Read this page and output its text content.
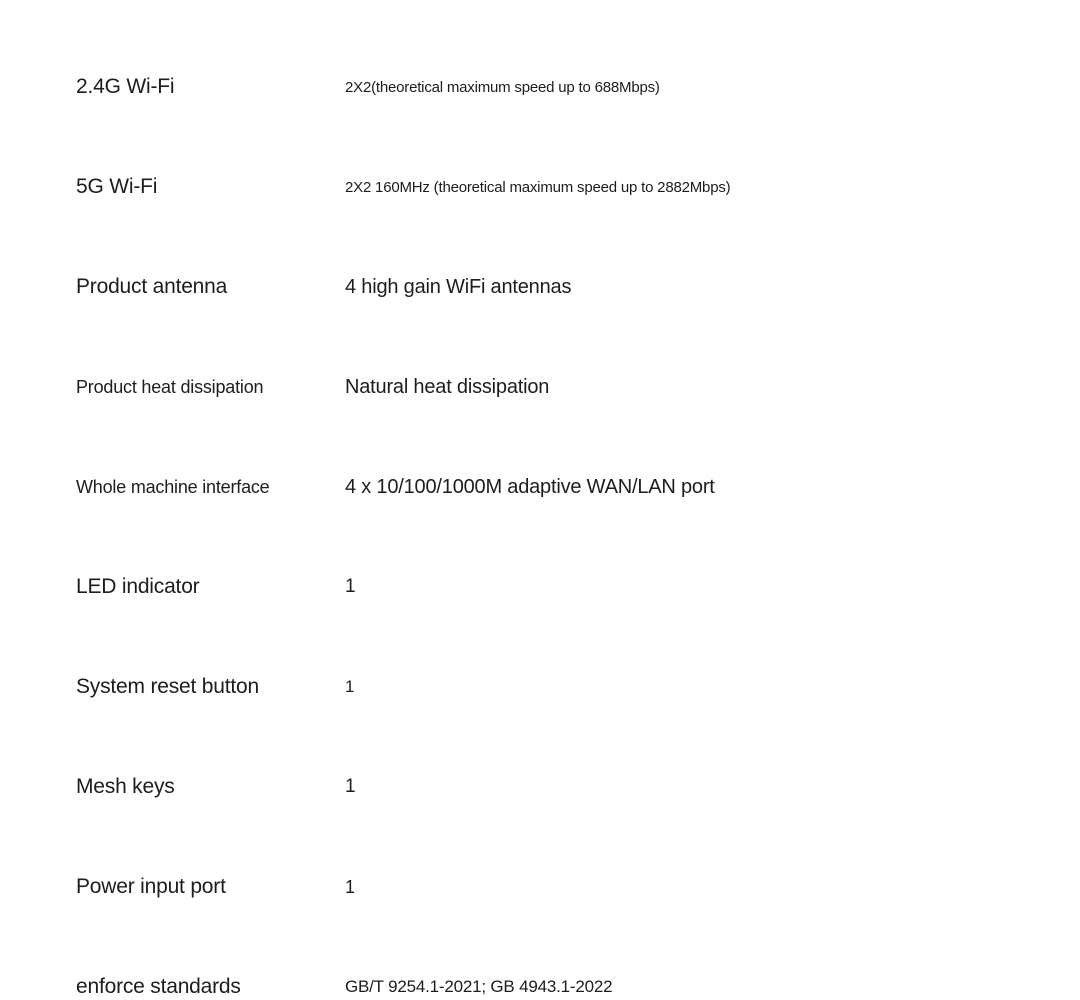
2.4G Wi-Fi	2X2(theoretical maximum speed up to 688Mbps)
5G Wi-Fi	2X2 160MHz (theoretical maximum speed up to 2882Mbps)
Product antenna	4 high gain WiFi antennas
Product heat dissipation	Natural heat dissipation
Whole machine interface	4 x 10/100/1000M adaptive WAN/LAN port
LED indicator	1
System reset button	1
Mesh keys	1
Power input port	1
enforce standards	GB/T 9254.1-2021; GB 4943.1-2022
